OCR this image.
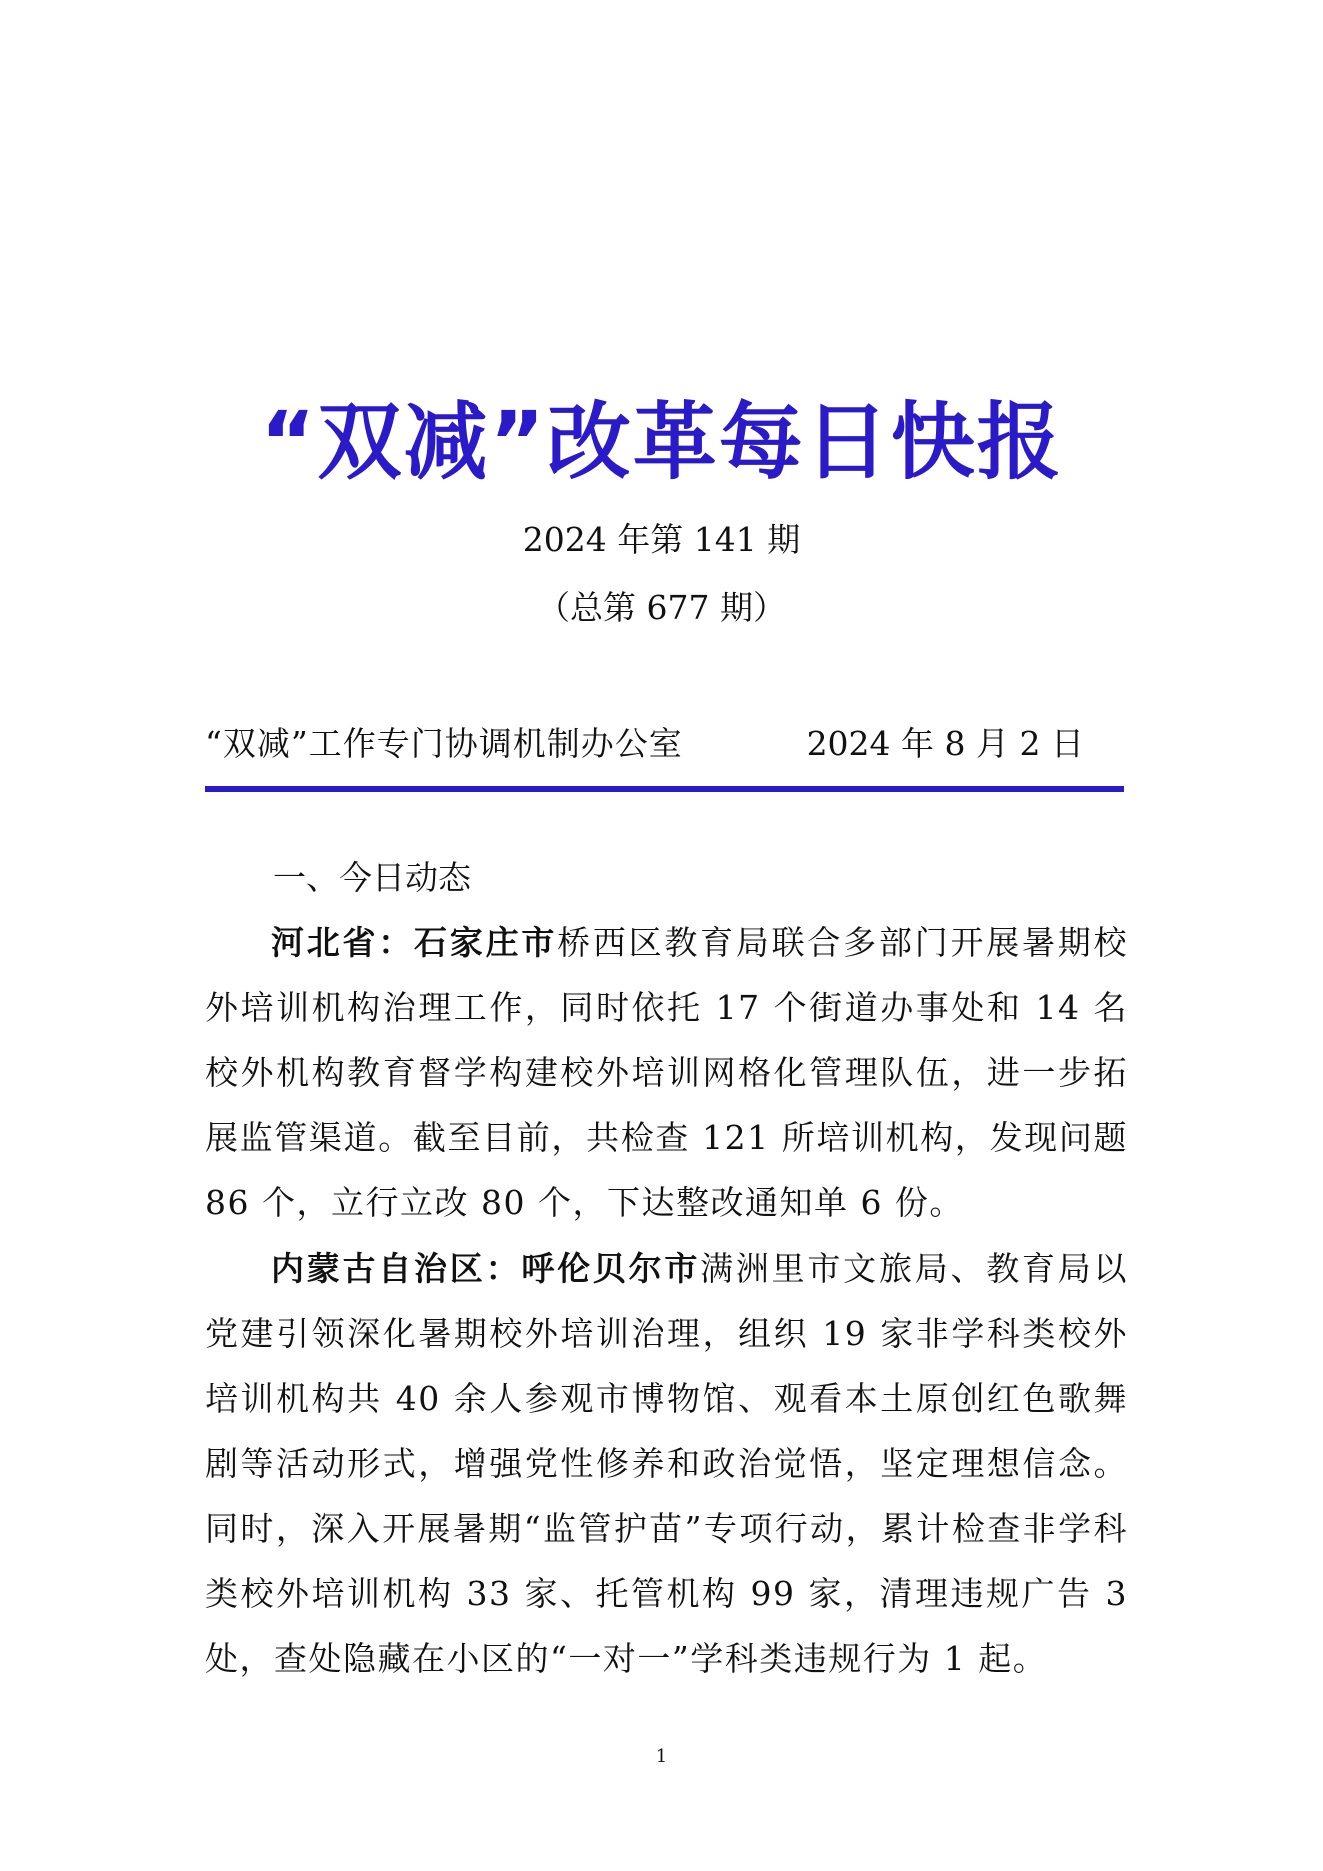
“双减”改革每日快报
2024 年第 141 期
（总第 677 期）
“双减”工作专门协调机制办公室	2024 年 8 月 2 日
一、今日动态

河北省：石家庄市桥西区教育局联合多部门开展暑期校外培训机构治理工作，同时依托 17 个街道办事处和 14 名校外机构教育督学构建校外培训网格化管理队伍，进一步拓展监管渠道。截至目前，共检查 121 所培训机构，发现问题 86 个，立行立改 80 个，下达整改通知单 6 份。

内蒙古自治区：呼伦贝尔市满洲里市文旅局、教育局以党建引领深化暑期校外培训治理，组织 19 家非学科类校外培训机构共 40 余人参观市博物馆、观看本土原创红色歌舞剧等活动形式，增强党性修养和政治觉悟，坚定理想信念。同时，深入开展暑期“监管护苗”专项行动，累计检查非学科类校外培训机构 33 家、托管机构 99 家，清理违规广告 3 处，查处隐藏在小区的“一对一”学科类违规行为 1 起。

1
